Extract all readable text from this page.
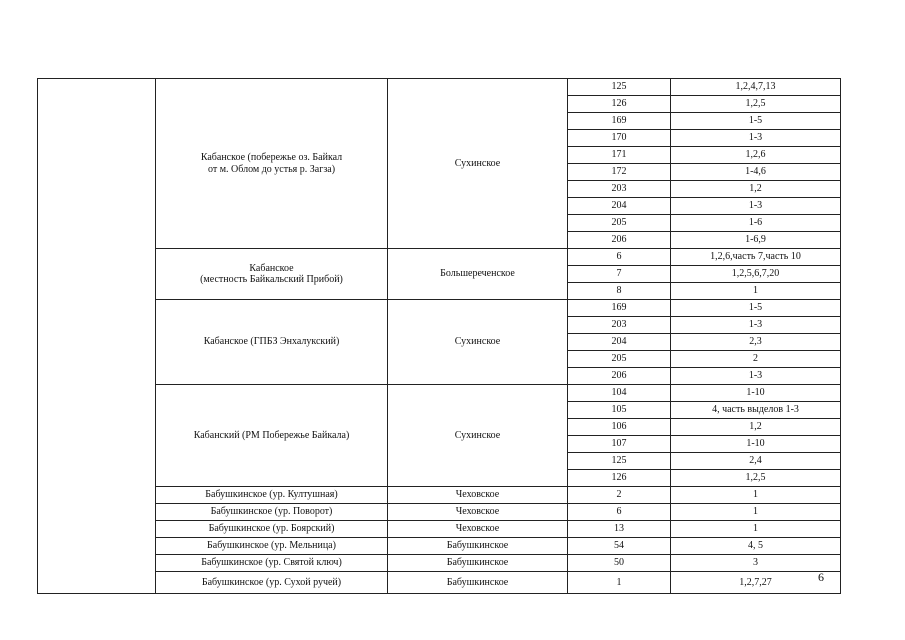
	Кабанское (побережье оз. Байкал
от м. Облом до устья р. Загза)	Сухинское	125	1,2,4,7,13
			126	1,2,5
			169	1-5
			170	1-3
			171	1,2,6
			172	1-4,6
			203	1,2
			204	1-3
			205	1-6
			206	1-6,9
	Кабанское
(местность Байкальский Прибой)	Большереченское	6	1,2,6,часть 7,часть 10
			7	1,2,5,6,7,20
			8	1
	Кабанское (ГПБЗ Энхалукский)	Сухинское	169	1-5
			203	1-3
			204	2,3
			205	2
			206	1-3
	Кабанский (РМ Побережье Байкала)	Сухинское	104	1-10
			105	4, часть выделов 1-3
			106	1,2
			107	1-10
			125	2,4
			126	1,2,5
	Бабушкинское (ур. Култушная)	Чеховское	2	1
	Бабушкинское (ур. Поворот)	Чеховское	6	1
	Бабушкинское (ур. Боярский)	Чеховское	13	1
	Бабушкинское (ур. Мельница)	Бабушкинское	54	4, 5
	Бабушкинское (ур. Святой ключ)	Бабушкинское	50	3
	Бабушкинское (ур. Сухой ручей)	Бабушкинское	1	1,2,7,27	6
